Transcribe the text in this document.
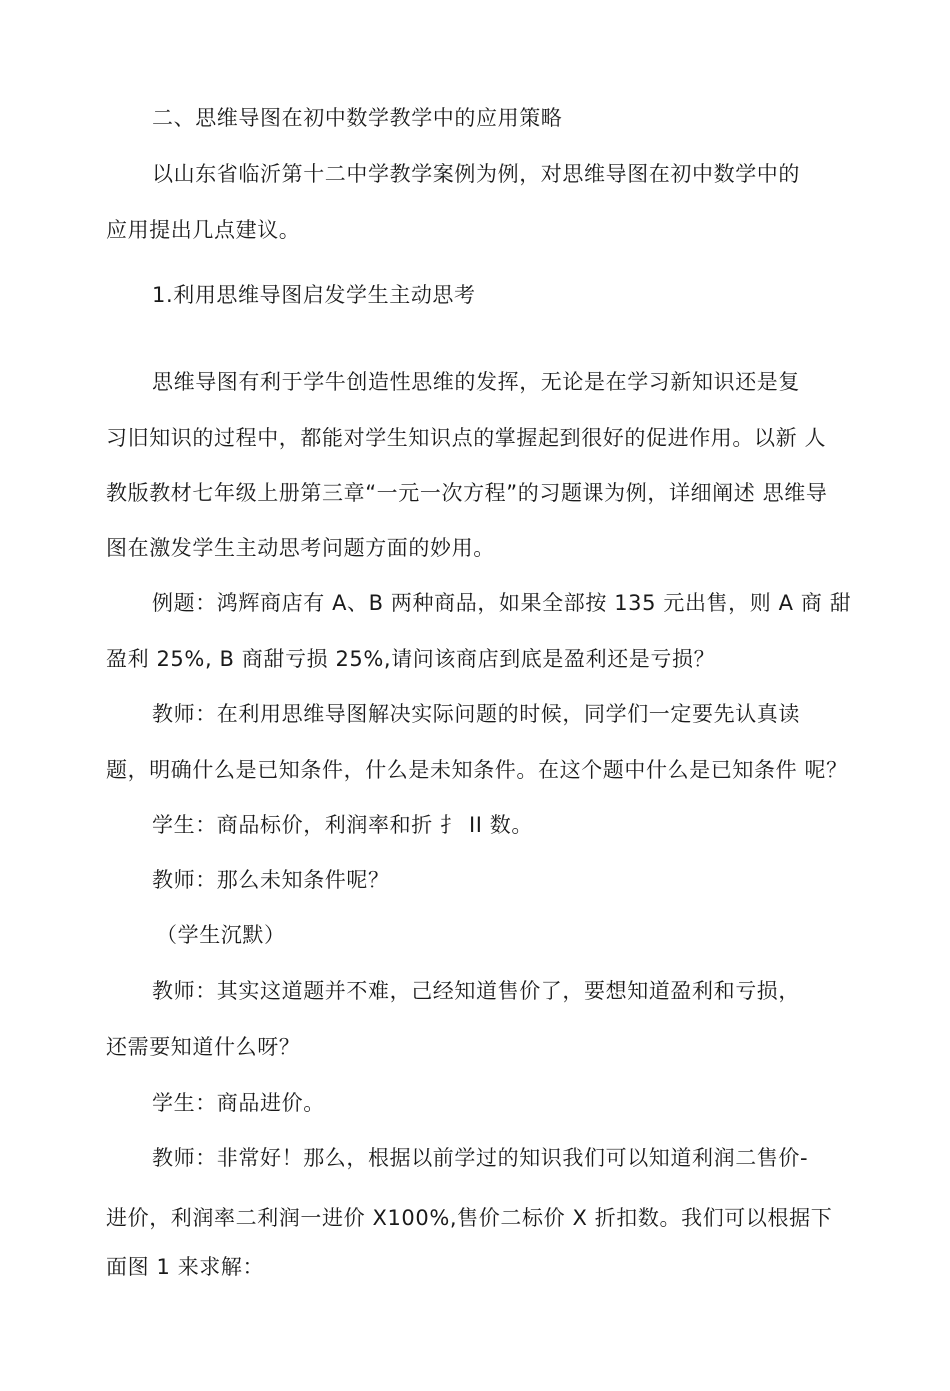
二、思维导图在初中数学教学中的应用策略
以山东省临沂第十二中学教学案例为例，对思维导图在初中数学中的
应用提出几点建议。
1.利用思维导图启发学生主动思考
思维导图有利于学牛创造性思维的发挥，无论是在学习新知识还是复
习旧知识的过程中，都能对学生知识点的掌握起到很好的促进作用。以新 人
教版教材七年级上册第三章“一元一次方程”的习题课为例，详细阐述 思维导
图在激发学生主动思考问题方面的妙用。
例题：鸿辉商店有 A、B 两种商品，如果全部按 135 元出售，则 A 商 甜
盈利 25%, B 商甜亏损 25%,请问该商店到底是盈利还是亏损？
教师：在利用思维导图解决实际问题的时候，同学们一定要先认真读
题，明确什么是已知条件，什么是未知条件。在这个题中什么是已知条件 呢？
学生：商品标价，利润率和折 扌 II 数。
教师：那么未知条件呢？
（学生沉默）
教师：其实这道题并不难，己经知道售价了，要想知道盈利和亏损，
还需要知道什么呀？
学生：商品进价。
教师：非常好！那么，根据以前学过的知识我们可以知道利润二售价-
进价，利润率二利润一进价 X100%,售价二标价 X 折扣数。我们可以根据下
面图 1 来求解：
